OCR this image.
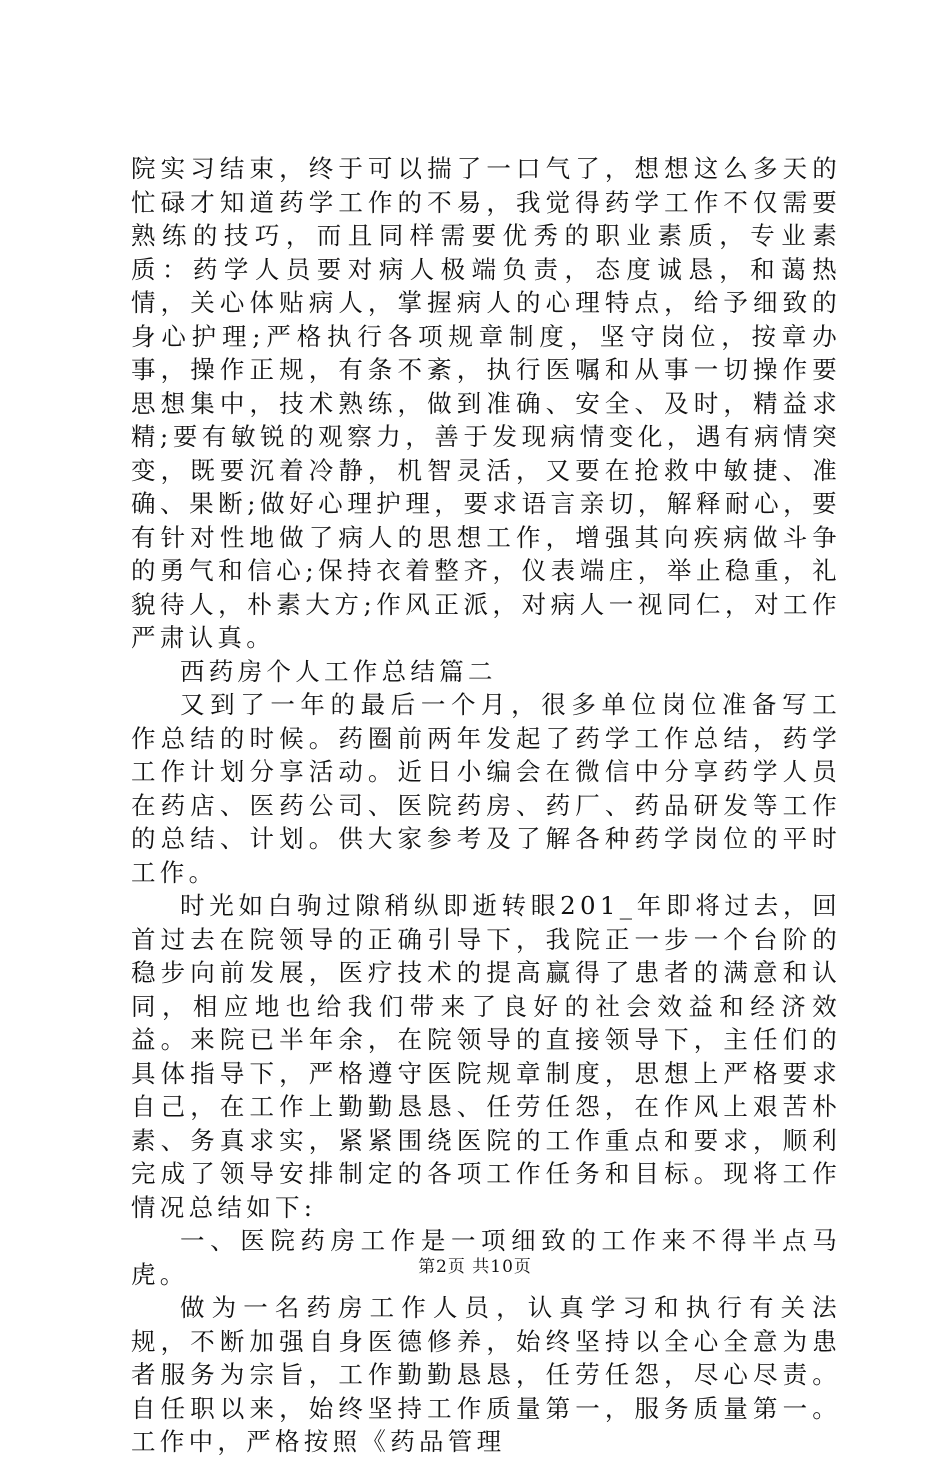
院实习结束，终于可以揣了一口气了，想想这么多天的忙碌才知道药学工作的不易，我觉得药学工作不仅需要熟练的技巧，而且同样需要优秀的职业素质，专业素质：药学人员要对病人极端负责，态度诚恳，和蔼热情，关心体贴病人，掌握病人的心理特点，给予细致的身心护理;严格执行各项规章制度，坚守岗位，按章办事，操作正规，有条不紊，执行医嘱和从事一切操作要思想集中，技术熟练，做到准确、安全、及时，精益求精;要有敏锐的观察力，善于发现病情变化，遇有病情突变，既要沉着冷静，机智灵活，又要在抢救中敏捷、准确、果断;做好心理护理，要求语言亲切，解释耐心，要有针对性地做了病人的思想工作，增强其向疾病做斗争的勇气和信心;保持衣着整齐，仪表端庄，举止稳重，礼貌待人，朴素大方;作风正派，对病人一视同仁，对工作严肃认真。

西药房个人工作总结篇二

又到了一年的最后一个月，很多单位岗位准备写工作总结的时候。药圈前两年发起了药学工作总结，药学工作计划分享活动。近日小编会在微信中分享药学人员在药店、医药公司、医院药房、药厂、药品研发等工作的总结、计划。供大家参考及了解各种药学岗位的平时工作。

时光如白驹过隙稍纵即逝转眼201_年即将过去，回首过去在院领导的正确引导下，我院正一步一个台阶的稳步向前发展，医疗技术的提高赢得了患者的满意和认同，相应地也给我们带来了良好的社会效益和经济效益。来院已半年余，在院领导的直接领导下，主任们的具体指导下，严格遵守医院规章制度，思想上严格要求自己，在工作上勤勤恳恳、任劳任怨，在作风上艰苦朴素、务真求实，紧紧围绕医院的工作重点和要求，顺利完成了领导安排制定的各项工作任务和目标。现将工作情况总结如下:

一、医院药房工作是一项细致的工作来不得半点马虎。

做为一名药房工作人员，认真学习和执行有关法规，不断加强自身医德修养，始终坚持以全心全意为患者服务为宗旨，工作勤勤恳恳，任劳任怨，尽心尽责。自任职以来，始终坚持工作质量第一，服务质量第一。工作中，严格按照《药品管理

第2页 共10页
